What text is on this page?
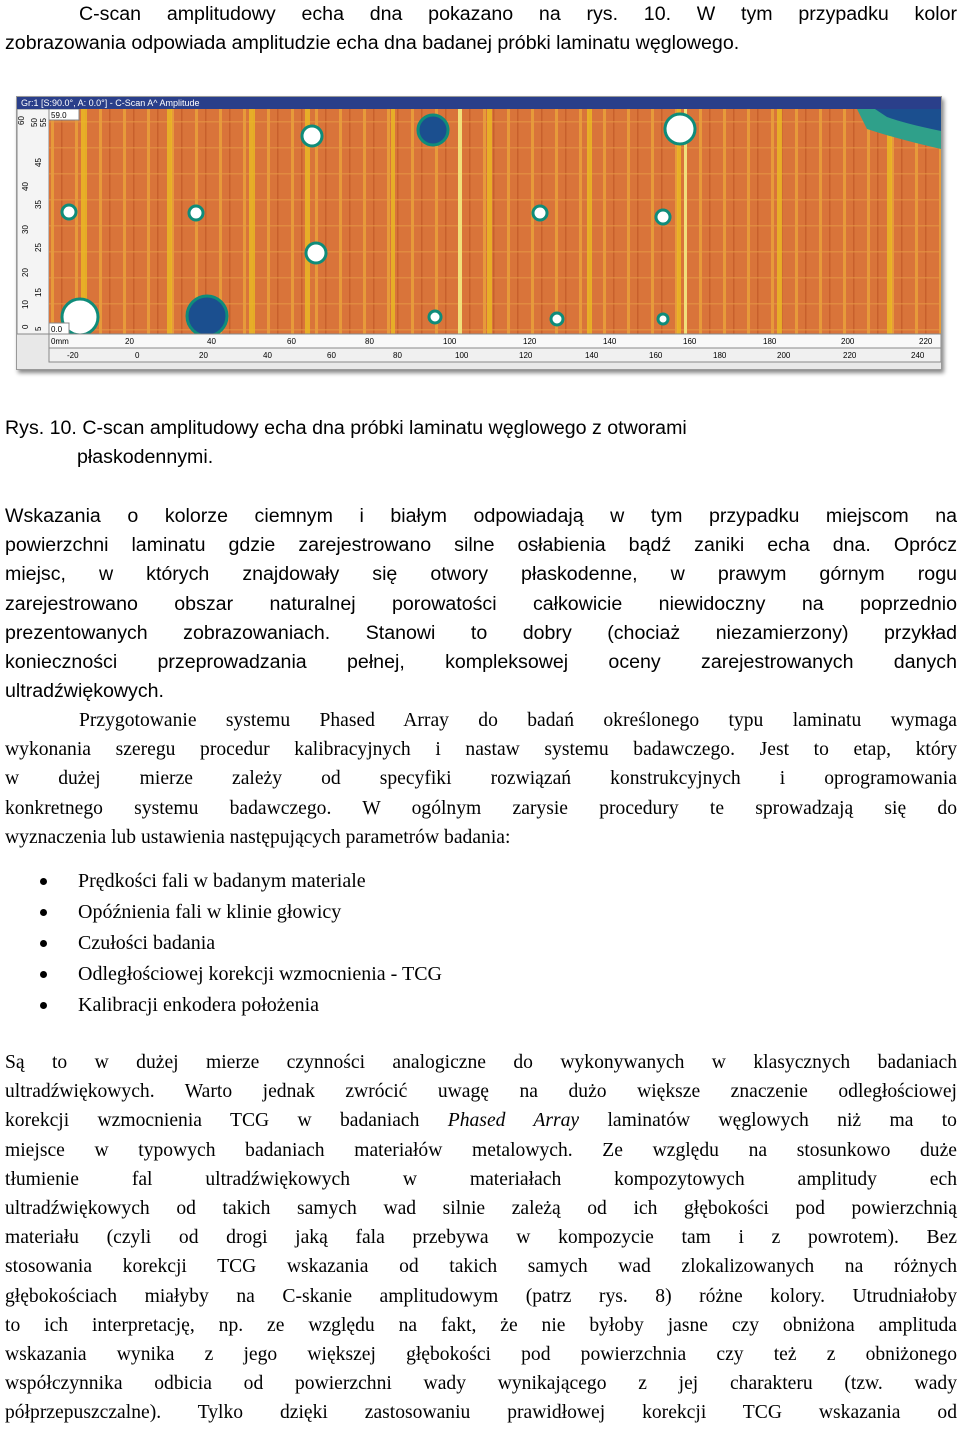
C-scan amplitudowy echa dna pokazano na rys. 10. W tym przypadku kolor
zobrazowania odpowiada amplitudzie echa dna badanej próbki laminatu węglowego.
Gr:1 [S:90.0°, A: 0.0°] - C-Scan A^ Amplitude
60 50 55
40
45
30
35
20
25
10
15
0 5
59.0
0.0
0mm	20	40	60	80	100	120	140	160	180	200	220
-20	0	20	40	60	80	100	120	140	160	180	200	220	240
Rys. 10. C-scan amplitudowy echa dna próbki laminatu węglowego z otworami
płaskodennymi.
Wskazania o kolorze ciemnym i białym odpowiadają w tym przypadku miejscom na
powierzchni laminatu gdzie zarejestrowano silne osłabienia bądź zaniki echa dna. Oprócz
miejsc, w których znajdowały się otwory płaskodenne, w prawym górnym rogu
zarejestrowano obszar naturalnej porowatości całkowicie niewidoczny na poprzednio
prezentowanych zobrazowaniach. Stanowi to dobry (chociaż niezamierzony) przykład
konieczności przeprowadzania pełnej, kompleksowej oceny zarejestrowanych danych
ultradźwiękowych.
Przygotowanie systemu Phased Array do badań określonego typu laminatu wymaga
wykonania szeregu procedur kalibracyjnych i nastaw systemu badawczego. Jest to etap, który
w dużej mierze zależy od specyfiki rozwiązań konstrukcyjnych i oprogramowania
konkretnego systemu badawczego. W ogólnym zarysie procedury te sprowadzają się do
wyznaczenia lub ustawienia następujących parametrów badania:
Prędkości fali w badanym materiale
Opóźnienia fali w klinie głowicy
Czułości badania
Odległościowej korekcji wzmocnienia - TCG
Kalibracji enkodera położenia
Są to w dużej mierze czynności analogiczne do wykonywanych w klasycznych badaniach
ultradźwiękowych. Warto jednak zwrócić uwagę na dużo większe znaczenie odległościowej
korekcji wzmocnienia TCG w badaniach Phased Array laminatów węglowych niż ma to
miejsce w typowych badaniach materiałów metalowych. Ze względu na stosunkowo duże
tłumienie fal ultradźwiękowych w materiałach kompozytowych amplitudy ech
ultradźwiękowych od takich samych wad silnie zależą od ich głębokości pod powierzchnią
materiału (czyli od drogi jaką fala przebywa w kompozycie tam i z powrotem). Bez
stosowania korekcji TCG wskazania od takich samych wad zlokalizowanych na różnych
głębokościach miałyby na C-skanie amplitudowym (patrz rys. 8) różne kolory. Utrudniałoby
to ich interpretację, np. ze względu na fakt, że nie byłoby jasne czy obniżona amplituda
wskazania wynika z jego większej głębokości pod powierzchnia czy też z obniżonego
współczynnika odbicia od powierzchni wady wynikającego z jej charakteru (tzw. wady
półprzepuszczalne). Tylko dzięki zastosowaniu prawidłowej korekcji TCG wskazania od
